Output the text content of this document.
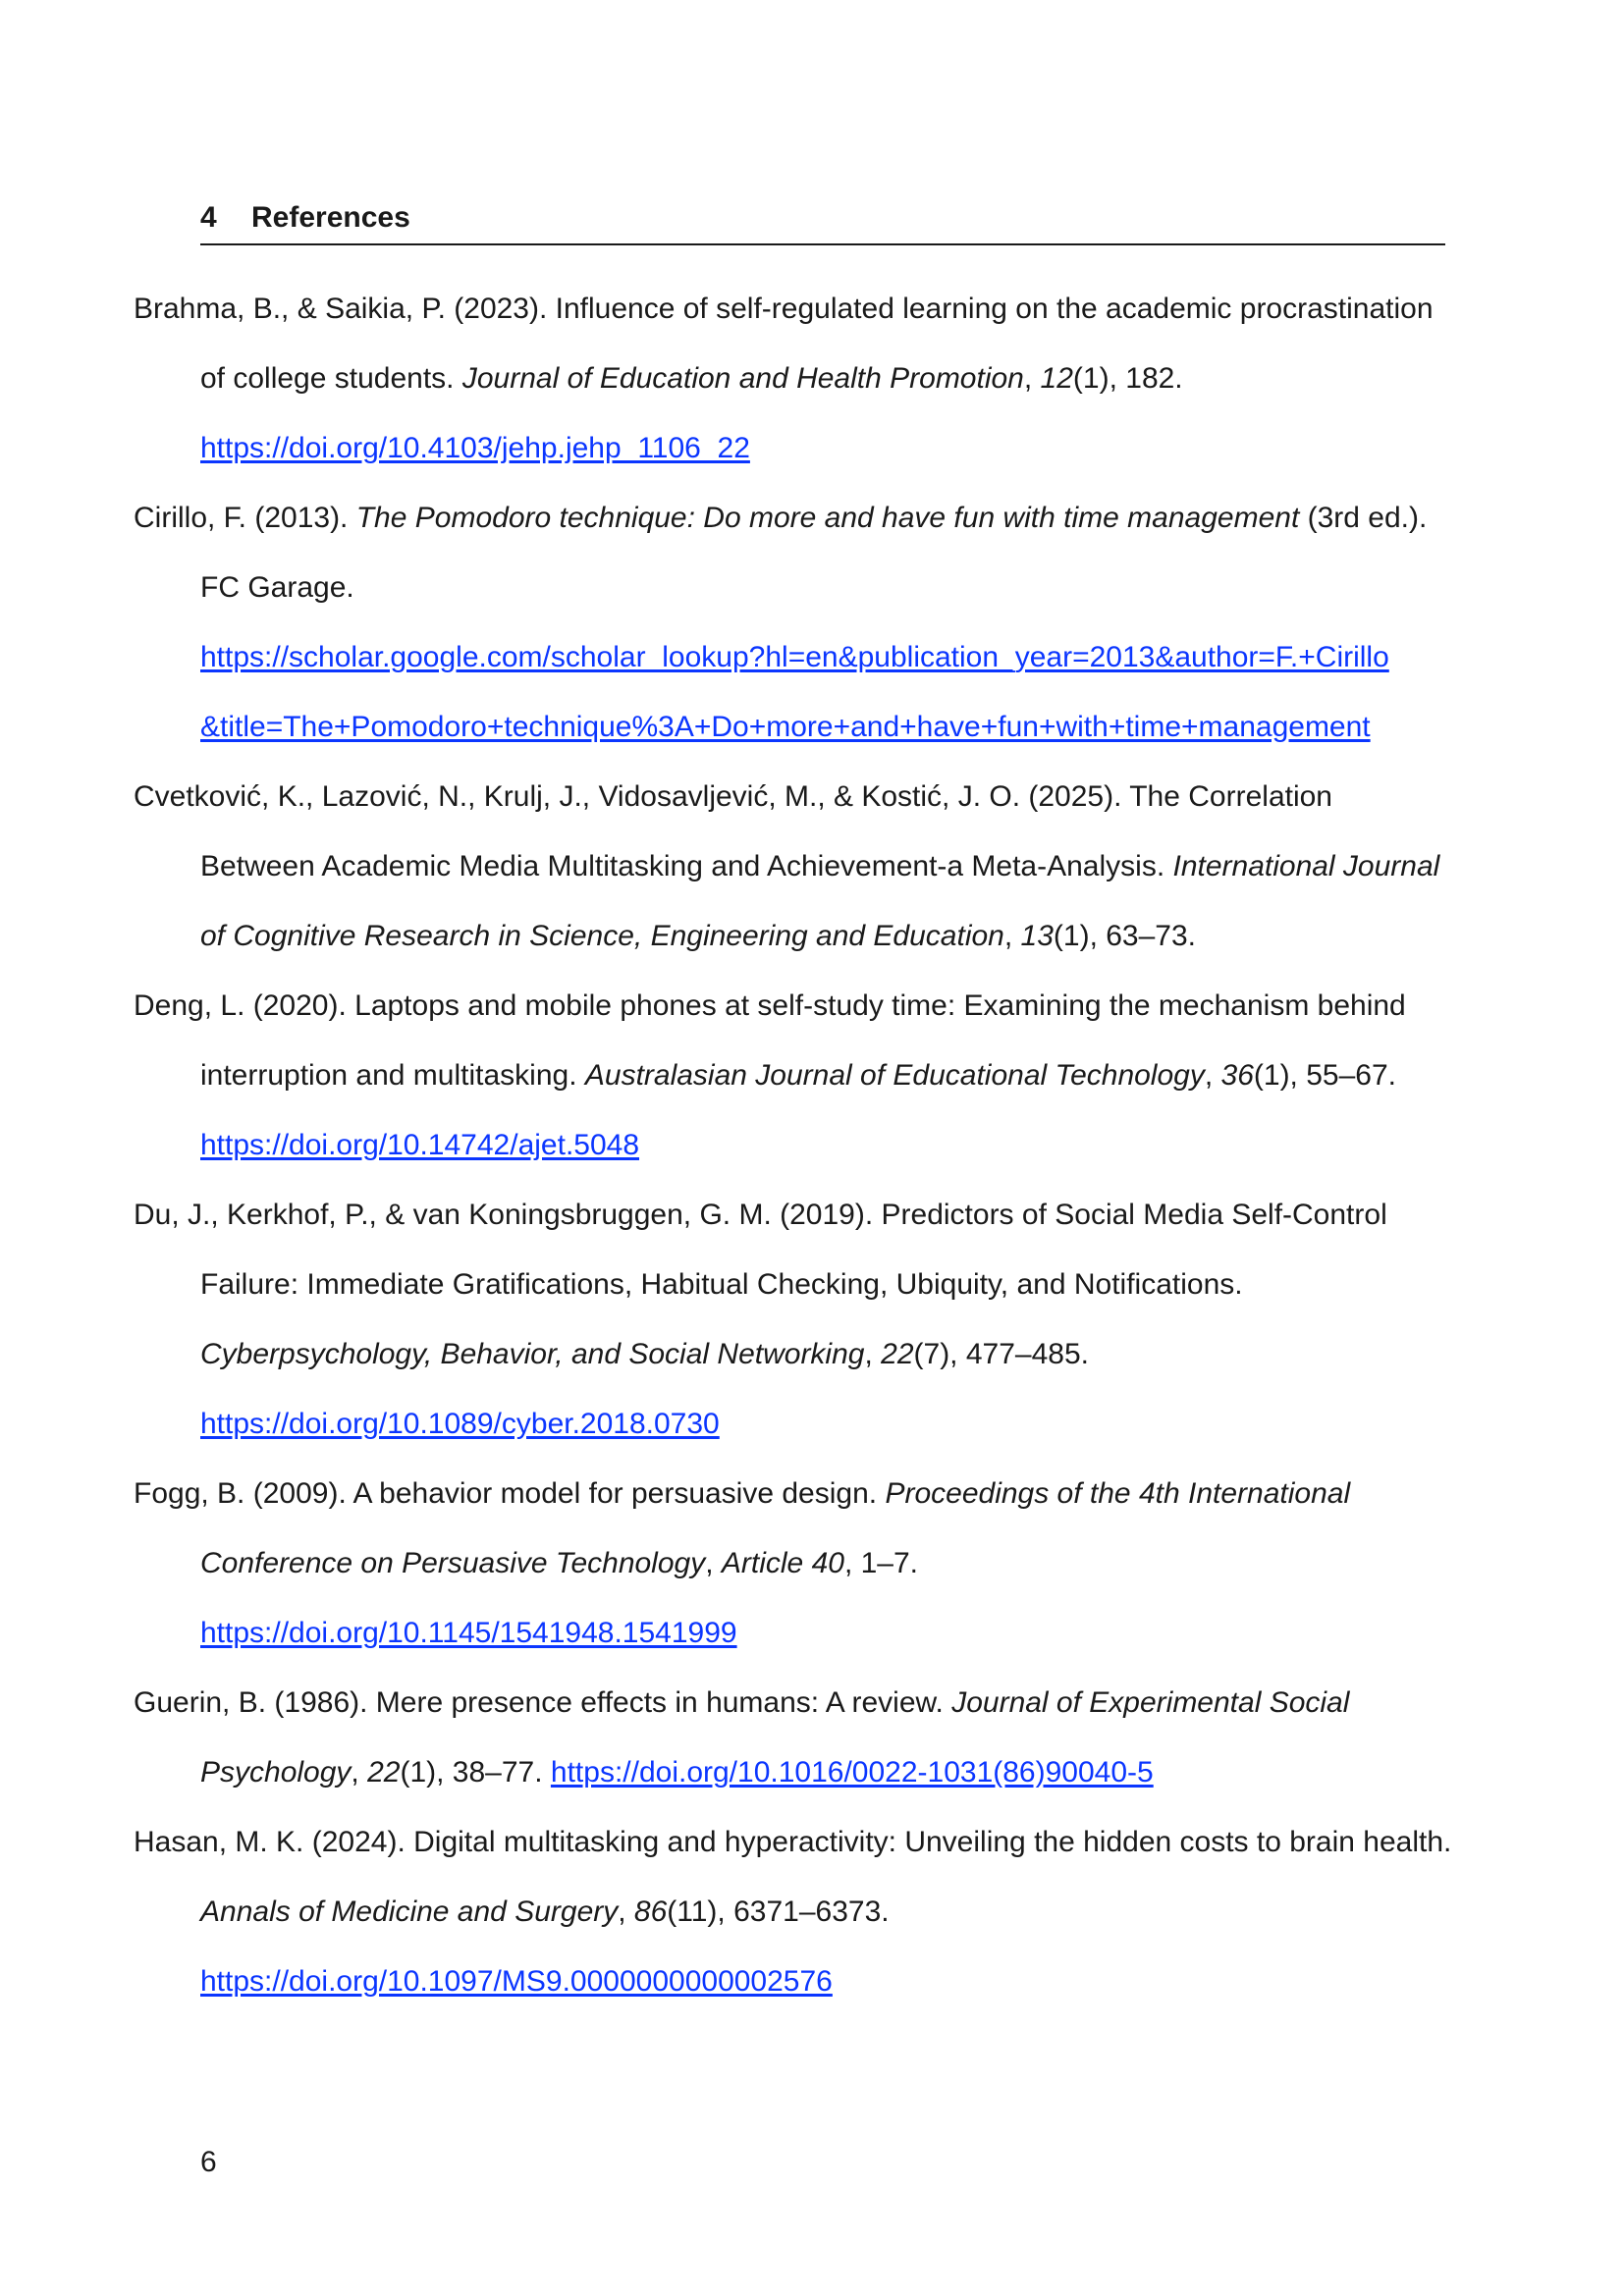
4 References
Brahma, B., & Saikia, P. (2023). Influence of self-regulated learning on the academic procrastination of college students. Journal of Education and Health Promotion, 12(1), 182.
https://doi.org/10.4103/jehp.jehp_1106_22
Cirillo, F. (2013). The Pomodoro technique: Do more and have fun with time management (3rd ed.). FC Garage.
https://scholar.google.com/scholar_lookup?hl=en&publication_year=2013&author=F.+Cirillo
&title=The+Pomodoro+technique%3A+Do+more+and+have+fun+with+time+management
Cvetković, K., Lazović, N., Krulj, J., Vidosavljević, M., & Kostić, J. O. (2025). The Correlation Between Academic Media Multitasking and Achievement-a Meta-Analysis. International Journal of Cognitive Research in Science, Engineering and Education, 13(1), 63–73.
Deng, L. (2020). Laptops and mobile phones at self-study time: Examining the mechanism behind interruption and multitasking. Australasian Journal of Educational Technology, 36(1), 55–67.
https://doi.org/10.14742/ajet.5048
Du, J., Kerkhof, P., & van Koningsbruggen, G. M. (2019). Predictors of Social Media Self-Control Failure: Immediate Gratifications, Habitual Checking, Ubiquity, and Notifications.
Cyberpsychology, Behavior, and Social Networking, 22(7), 477–485.
https://doi.org/10.1089/cyber.2018.0730
Fogg, B. (2009). A behavior model for persuasive design. Proceedings of the 4th International Conference on Persuasive Technology, Article 40, 1–7.
https://doi.org/10.1145/1541948.1541999
Guerin, B. (1986). Mere presence effects in humans: A review. Journal of Experimental Social Psychology, 22(1), 38–77. https://doi.org/10.1016/0022-1031(86)90040-5
Hasan, M. K. (2024). Digital multitasking and hyperactivity: Unveiling the hidden costs to brain health. Annals of Medicine and Surgery, 86(11), 6371–6373.
https://doi.org/10.1097/MS9.0000000000002576
6
